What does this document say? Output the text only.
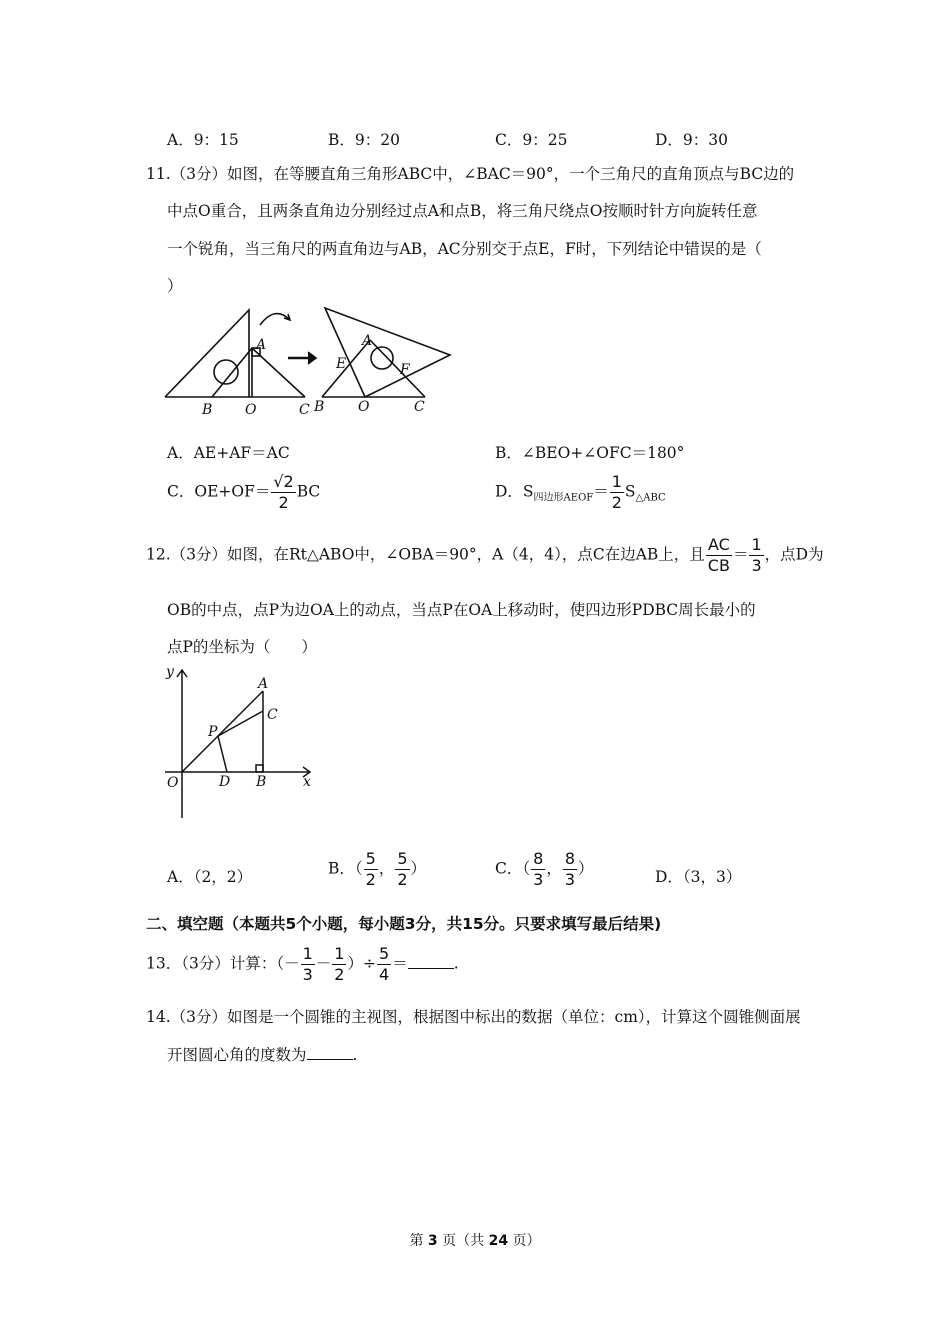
A．9：15	B．9：20	C．9：25	D．9：30
11.（3分）如图，在等腰直角三角形ABC中，∠BAC＝90°，一个三角尺的直角顶点与BC边的
中点O重合，且两条直角边分别经过点A和点B，将三角尺绕点O按顺时针方向旋转任意
一个锐角，当三角尺的两直角边与AB，AC分别交于点E，F时，下列结论中错误的是（
）
B O	C
A
B O	C
A
E	F
A．AE+AF＝AC	B．∠BEO+∠OFC＝180°
C．$OE+OF= \frac{√2}{2}$ BC	D．$S_{四边形AEOF}= \frac{1}{2} S_{\triangle ABC}$
12.（3分）如图，在Rt△ABO中，∠OBA＝90°，A（4，4），点C在边AB上，且 $\frac{AC}{CB} = \frac{1}{3}$ ，点D为
OB的中点，点P为边OA上的动点，当点P在OA上移动时，使四边形PDBC周长最小的
点P的坐标为（　　）
y
x
O	D B
A
C
P
A．（2，2）	B．（ $\frac{5}{2}$ ， $\frac{5}{2}$ ）	C．（ $\frac{8}{3}$ ， $\frac{8}{3}$ ）	D．（3，3）
二、填空题（本题共5个小题，每小题3分，共15分。只要求填写最后结果)
13．（3分）计算：（－ $\frac{1}{3} - \frac{1}{2}$ ）÷ $\frac{5}{4}$ ＝	.
14.（3分）如图是一个圆锥的主视图，根据图中标出的数据（单位：cm），计算这个圆锥侧面展
开图圆心角的度数为	.
第 3 页（共 24 页）
